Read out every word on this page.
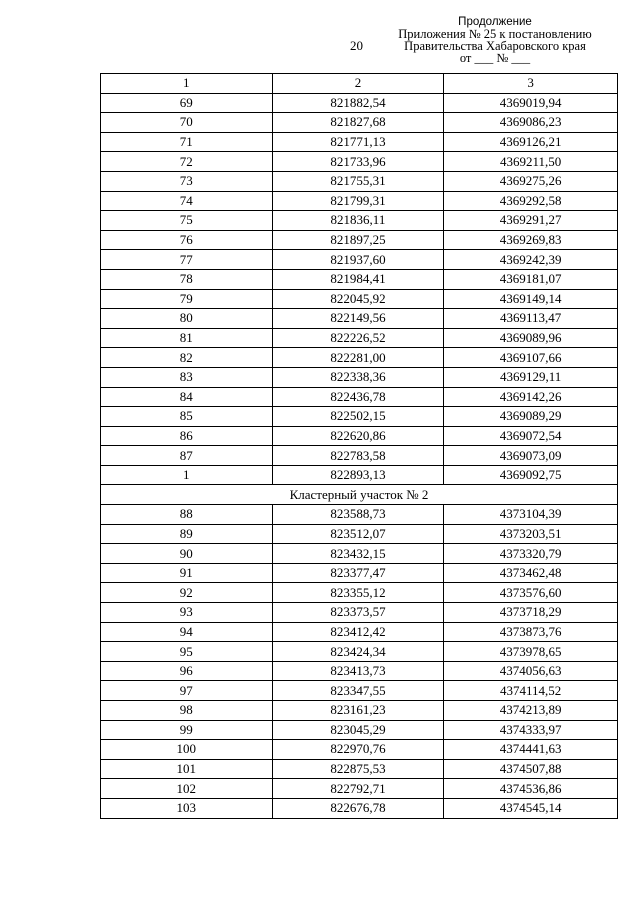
20
Продолжение
Приложения № 25 к постановлению
Правительства Хабаровского края
от ___ № ___
1	2	3
69	821882,54	4369019,94
70	821827,68	4369086,23
71	821771,13	4369126,21
72	821733,96	4369211,50
73	821755,31	4369275,26
74	821799,31	4369292,58
75	821836,11	4369291,27
76	821897,25	4369269,83
77	821937,60	4369242,39
78	821984,41	4369181,07
79	822045,92	4369149,14
80	822149,56	4369113,47
81	822226,52	4369089,96
82	822281,00	4369107,66
83	822338,36	4369129,11
84	822436,78	4369142,26
85	822502,15	4369089,29
86	822620,86	4369072,54
87	822783,58	4369073,09
1	822893,13	4369092,75
Кластерный участок № 2		
88	823588,73	4373104,39
89	823512,07	4373203,51
90	823432,15	4373320,79
91	823377,47	4373462,48
92	823355,12	4373576,60
93	823373,57	4373718,29
94	823412,42	4373873,76
95	823424,34	4373978,65
96	823413,73	4374056,63
97	823347,55	4374114,52
98	823161,23	4374213,89
99	823045,29	4374333,97
100	822970,76	4374441,63
101	822875,53	4374507,88
102	822792,71	4374536,86
103	822676,78	4374545,14
